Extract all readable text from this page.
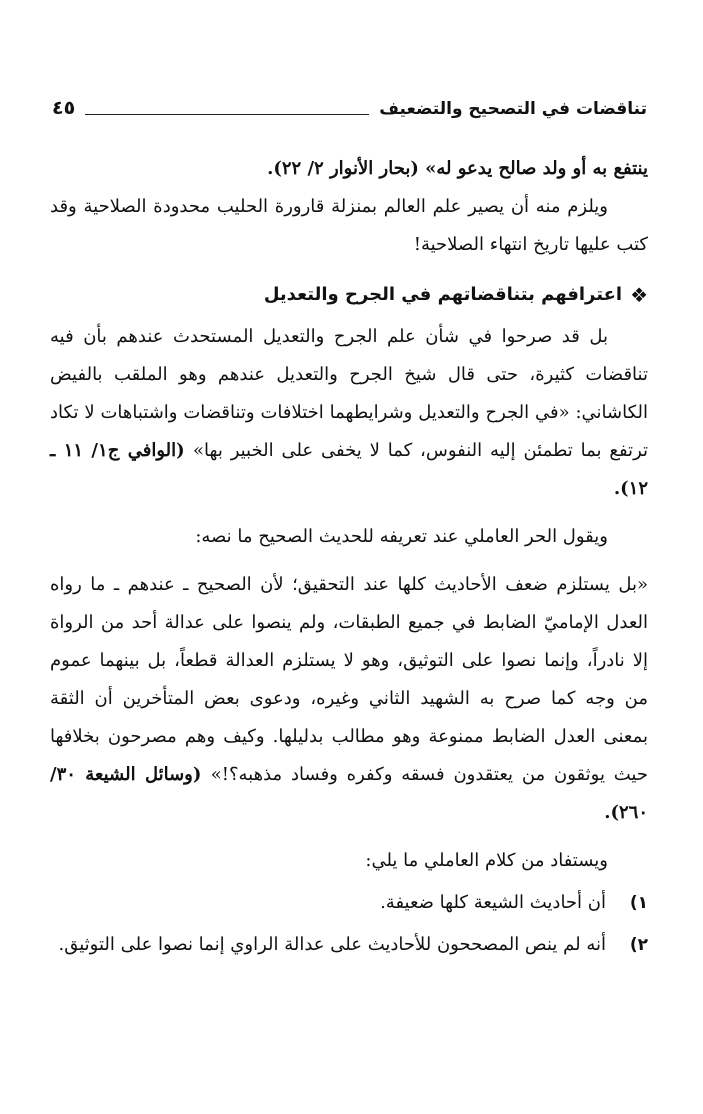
تناقضات في التصحيح والتضعيف
٤٥

ينتفع به أو ولد صالح يدعو له» (بحار الأنوار ٢/ ٢٢).

ويلزم منه أن يصير علم العالم بمنزلة قارورة الحليب محدودة الصلاحية وقد كتب عليها تاريخ انتهاء الصلاحية!

❖
اعترافهم بتناقضاتهم في الجرح والتعديل

بل قد صرحوا في شأن علم الجرح والتعديل المستحدث عندهم بأن فيه تناقضات كثيرة، حتى قال شيخ الجرح والتعديل عندهم وهو الملقب بالفيض الكاشاني: «في الجرح والتعديل وشرايطهما اختلافات وتناقضات واشتباهات لا تكاد ترتفع بما تطمئن إليه النفوس، كما لا يخفى على الخبير بها» (الوافي ج١/ ١١ ـ ١٢).

ويقول الحر العاملي عند تعريفه للحديث الصحيح ما نصه:

«بل يستلزم ضعف الأحاديث كلها عند التحقيق؛ لأن الصحيح ـ عندهم ـ ما رواه العدل الإماميّ الضابط في جميع الطبقات، ولم ينصوا على عدالة أحد من الرواة إلا نادراً، وإنما نصوا على التوثيق، وهو لا يستلزم العدالة قطعاً، بل بينهما عموم من وجه كما صرح به الشهيد الثاني وغيره، ودعوى بعض المتأخرين أن الثقة بمعنى العدل الضابط ممنوعة وهو مطالب بدليلها. وكيف وهم مصرحون بخلافها حيث يوثقون من يعتقدون فسقه وكفره وفساد مذهبه؟!» (وسائل الشيعة ٣٠/ ٢٦٠).

ويستفاد من كلام العاملي ما يلي:

١)
أن أحاديث الشيعة كلها ضعيفة.
٢)
أنه لم ينص المصححون للأحاديث على عدالة الراوي إنما نصوا على التوثيق.
